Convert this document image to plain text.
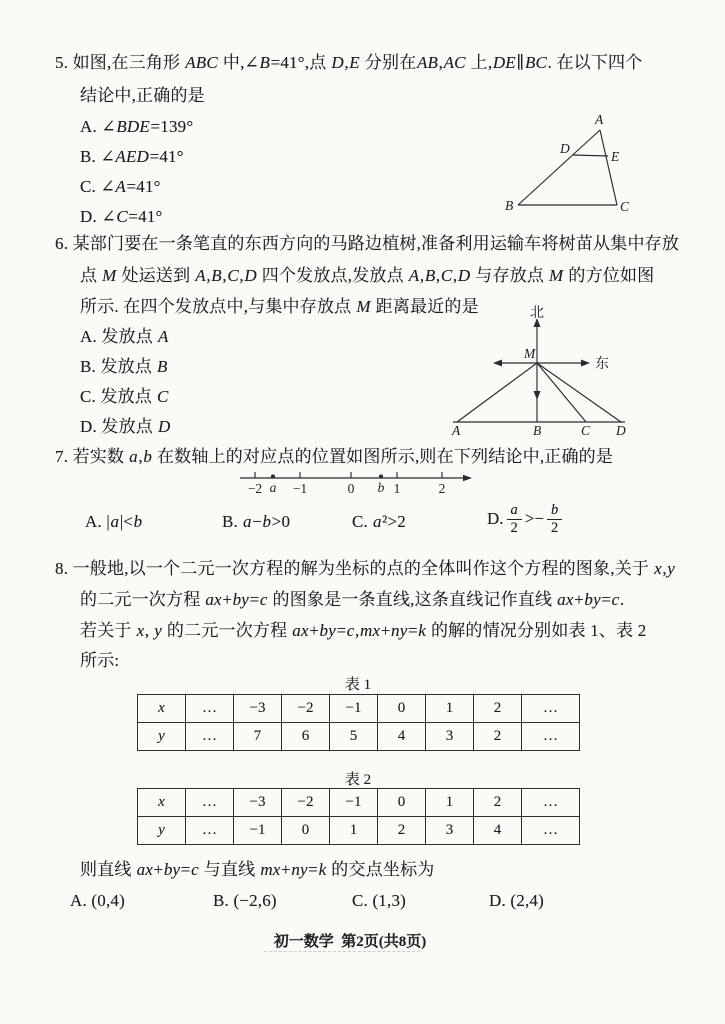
5. 如图,在三角形 ABC 中,∠B=41°,点 D,E 分别在AB,AC 上,DE∥BC. 在以下四个
结论中,正确的是
A. ∠BDE=139°
B. ∠AED=41°
C. ∠A=41°
D. ∠C=41°
A
B	C
D
E
6. 某部门要在一条笔直的东西方向的马路边植树,准备利用运输车将树苗从集中存放
点 M 处运送到 A,B,C,D 四个发放点,发放点 A,B,C,D 与存放点 M 的方位如图
所示. 在四个发放点中,与集中存放点 M 距离最近的是
A. 发放点 A
B. 发放点 B
C. 发放点 C
D. 发放点 D
北
东
M
A	B	C D
7. 若实数 a,b 在数轴上的对应点的位置如图所示,则在下列结论中,正确的是
−2 a −1	0 b 1	2
A. |a|<b	B. a−b>0	C. a²>2	D. $\frac{a}{2}$ > − $\frac{b}{2}$
8. 一般地,以一个二元一次方程的解为坐标的点的全体叫作这个方程的图象,关于 x,y
的二元一次方程 ax+by=c 的图象是一条直线,这条直线记作直线 ax+by=c.
若关于 x, y 的二元一次方程 ax+by=c,mx+ny=k 的解的情况分别如表 1、表 2
所示:
表 1
x	…	−3	−2	−1	0	1	2	…
y	…	7	6	5	4	3	2	…
表 2
x	…	−3	−2	−1	0	1	2	…
y	…	−1	0	1	2	3	4	…
则直线 ax+by=c 与直线 mx+ny=k 的交点坐标为
A. (0,4)	B. (−2,6)	C. (1,3)	D. (2,4)
初一数学  第2页(共8页)
